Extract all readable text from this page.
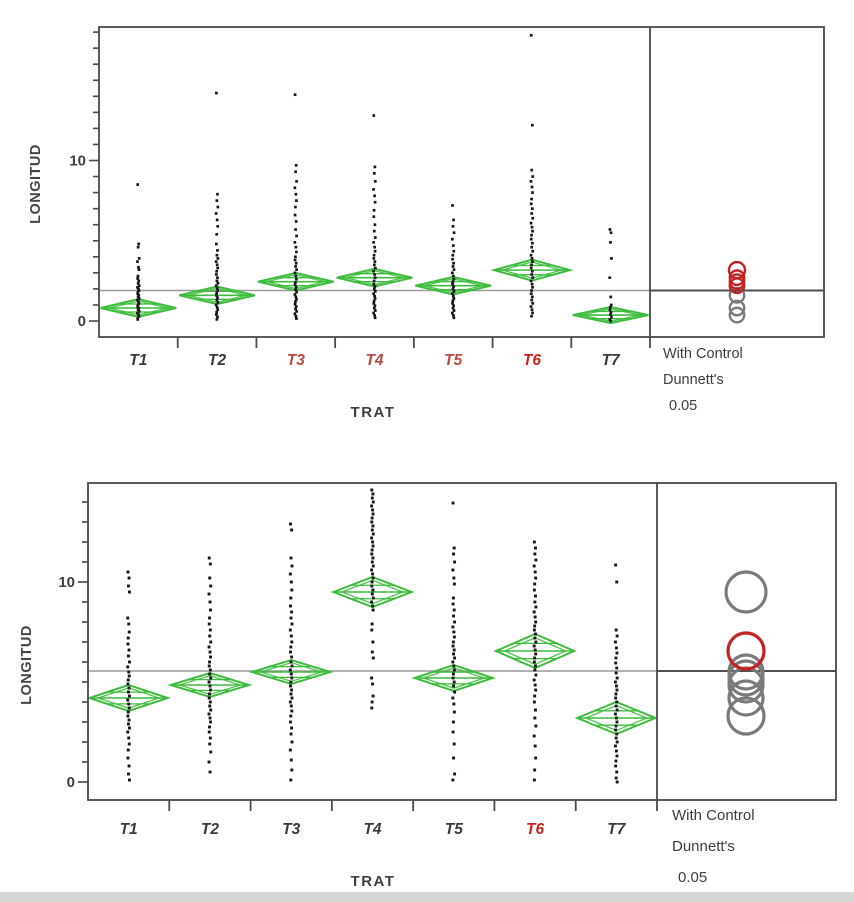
LONGITUD
0
10
T1	T2	T3	T4	T5	T6	T7
TRAT
With Control
Dunnett's
0.05
LONGITUD
0
10
T1	T2	T3	T4	T5	T6	T7
TRAT
With Control
Dunnett's
0.05
